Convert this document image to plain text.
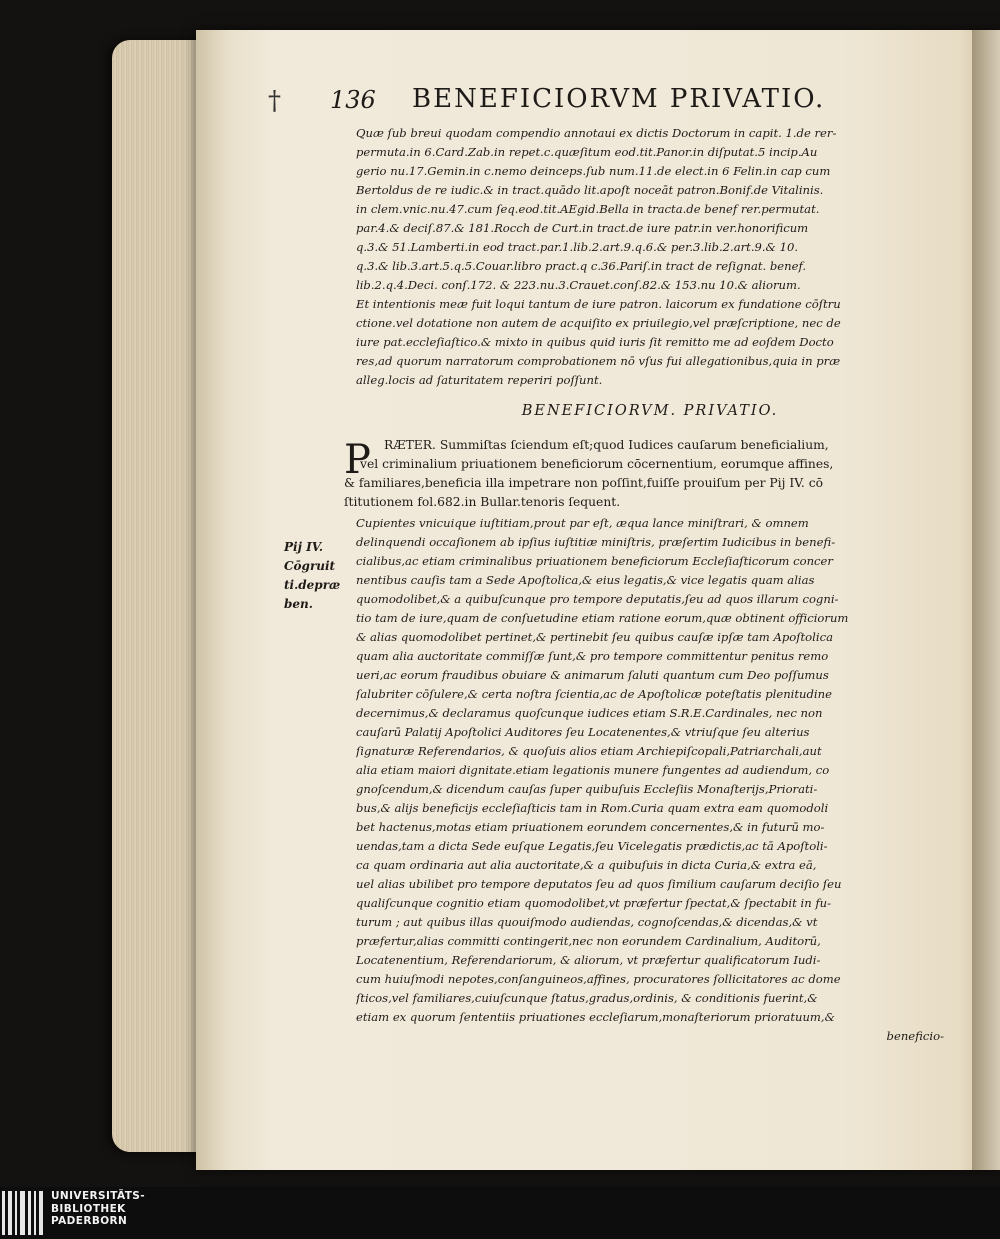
† 136 BENEFICIORVM PRIVATIO.
Quæ ſub breui quodam compendio annotaui ex dictis Doctorum in capit. 1.de rer-
permuta.in 6.Card.Zab.in repet.c.quæſitum eod.tit.Panor.in diſputat.5 incip.Au
gerio nu.17.Gemin.in c.nemo deinceps.ſub num.11.de elect.in 6 Felin.in cap cum
Bertoldus de re iudic.& in tract.quādo lit.apoſt noceāt patron.Bonif.de Vitalinis.
in clem.vnic.nu.47.cum ſeq.eod.tit.AEgid.Bella in tracta.de benef rer.permutat.
par.4.& deciſ.87.& 181.Rocch de Curt.in tract.de iure patr.in ver.honorificum
q.3.& 51.Lamberti.in eod tract.par.1.lib.2.art.9.q.6.& per.3.lib.2.art.9.& 10.
q.3.& lib.3.art.5.q.5.Couar.libro pract.q c.36.Pariſ.in tract de reſignat. benef.
lib.2.q.4.Deci. conſ.172. & 223.nu.3.Crauet.conſ.82.& 153.nu 10.& aliorum.
Et intentionis meæ fuit loqui tantum de iure patron. laicorum ex fundatione cōſtru
ctione.vel dotatione non autem de acquiſito ex priuilegio,vel præſcriptione, nec de
iure pat.eccleſiaſtico.& mixto in quibus quid iuris ſit remitto me ad eoſdem Docto
res,ad quorum narratorum comprobationem nō vſus fui allegationibus,quia in præ
alleg.locis ad ſaturitatem reperiri poſſunt.
BENEFICIORVM. PRIVATIO.
P	RÆTER. Summiſtas ſciendum eſt;quod Iudices cauſarum beneficialium,
vel criminalium priuationem beneficiorum cōcernentium, eorumque affines,
& familiares,beneficia illa impetrare non poſſint,fuiſſe prouiſum per Pij IV. cō
ſtitutionem fol.682.in Bullar.tenoris ſequent.
Pij IV.
Cōgruit
ti.depræ
ben.
Cupientes vnicuique iuſtitiam,prout par eſt, æqua lance miniſtrari, & omnem
delinquendi occaſionem ab ipſius iuſtitiæ miniſtris, præſertim Iudicibus in benefi-
cialibus,ac etiam criminalibus priuationem beneficiorum Eccleſiaſticorum concer
nentibus cauſis tam a Sede Apoſtolica,& eius legatis,& vice legatis quam alias
quomodolibet,& a quibuſcunque pro tempore deputatis,ſeu ad quos illarum cogni-
tio tam de iure,quam de conſuetudine etiam ratione eorum,quæ obtinent officiorum
& alias quomodolibet pertinet,& pertinebit ſeu quibus cauſæ ipſæ tam Apoſtolica
quam alia auctoritate commiſſæ ſunt,& pro tempore committentur penitus remo
ueri,ac eorum fraudibus obuiare & animarum ſaluti quantum cum Deo poſſumus
ſalubriter cōſulere,& certa noſtra ſcientia,ac de Apoſtolicæ poteſtatis plenitudine
decernimus,& declaramus quoſcunque iudices etiam S.R.E.Cardinales, nec non
cauſarū Palatij Apoſtolici Auditores ſeu Locatenentes,& vtriuſque ſeu alterius
ſignaturæ Referendarios, & quoſuis alios etiam Archiepiſcopali,Patriarchali,aut
alia etiam maiori dignitate.etiam legationis munere fungentes ad audiendum, co
gnoſcendum,& dicendum cauſas ſuper quibuſuis Eccleſiis Monaſterijs,Priorati-
bus,& alijs beneficijs eccleſiaſticis tam in Rom.Curia quam extra eam quomodoli
bet hactenus,motas etiam priuationem eorundem concernentes,& in futurū mo-
uendas,tam a dicta Sede euſque Legatis,ſeu Vicelegatis prædictis,ac tā Apoſtoli-
ca quam ordinaria aut alia auctoritate,& a quibuſuis in dicta Curia,& extra eā,
uel alias ubilibet pro tempore deputatos ſeu ad quos ſimilium cauſarum deciſio ſeu
qualiſcunque cognitio etiam quomodolibet,vt præfertur ſpectat,& ſpectabit in fu-
turum ; aut quibus illas quouiſmodo audiendas, cognoſcendas,& dicendas,& vt
præfertur,alias committi contingerit,nec non eorundem Cardinalium, Auditorū,
Locatenentium, Referendariorum, & aliorum, vt præfertur qualificatorum Iudi-
cum huiuſmodi nepotes,conſanguineos,affines, procuratores ſollicitatores ac dome
ſticos,vel familiares,cuiuſcunque ſtatus,gradus,ordinis, & conditionis fuerint,&
etiam ex quorum ſententiis priuationes eccleſiarum,monaſteriorum prioratuum,&
beneficio-
UNIVERSITÄTS-
BIBLIOTHEK
PADERBORN
